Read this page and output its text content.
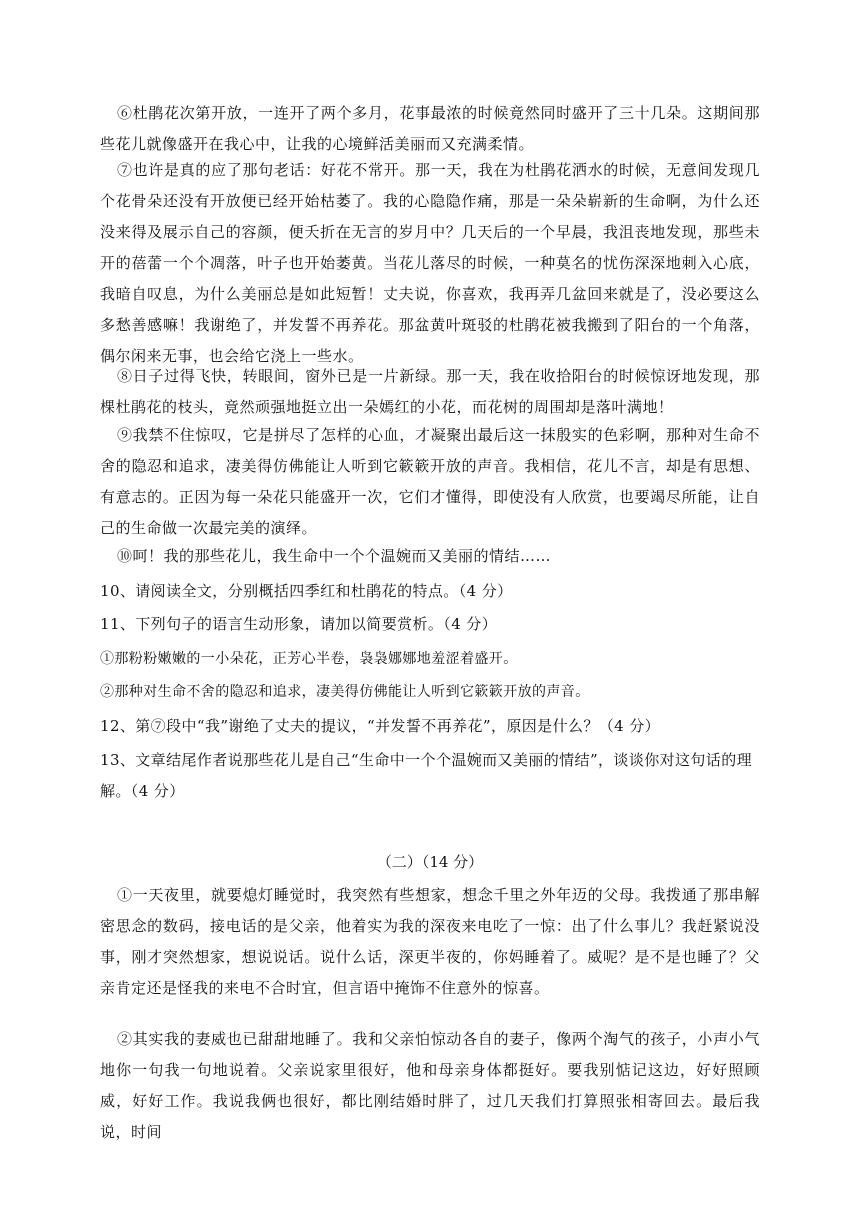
⑥杜鹃花次第开放，一连开了两个多月，花事最浓的时候竟然同时盛开了三十几朵。这期间那些花儿就像盛开在我心中，让我的心境鲜活美丽而又充满柔情。

⑦也许是真的应了那句老话：好花不常开。那一天，我在为杜鹃花洒水的时候，无意间发现几个花骨朵还没有开放便已经开始枯萎了。我的心隐隐作痛，那是一朵朵崭新的生命啊，为什么还没来得及展示自己的容颜，便夭折在无言的岁月中？几天后的一个早晨，我沮丧地发现，那些未开的蓓蕾一个个凋落，叶子也开始萎黄。当花儿落尽的时候，一种莫名的忧伤深深地刺入心底，我暗自叹息，为什么美丽总是如此短暂！丈夫说，你喜欢，我再弄几盆回来就是了，没必要这么多愁善感嘛！我谢绝了，并发誓不再养花。那盆黄叶斑驳的杜鹃花被我搬到了阳台的一个角落，偶尔闲来无事，也会给它浇上一些水。

⑧日子过得飞快，转眼间，窗外已是一片新绿。那一天，我在收拾阳台的时候惊讶地发现，那棵杜鹃花的枝头，竟然顽强地挺立出一朵嫣红的小花，而花树的周围却是落叶满地！

⑨我禁不住惊叹，它是拼尽了怎样的心血，才凝聚出最后这一抹殷实的色彩啊，那种对生命不舍的隐忍和追求，凄美得仿佛能让人听到它簌簌开放的声音。我相信，花儿不言，却是有思想、有意志的。正因为每一朵花只能盛开一次，它们才懂得，即使没有人欣赏，也要竭尽所能，让自己的生命做一次最完美的演绎。

⑩呵！我的那些花儿，我生命中一个个温婉而又美丽的情结……

10、请阅读全文，分别概括四季红和杜鹃花的特点。（4 分）

11、下列句子的语言生动形象，请加以简要赏析。（4 分）

①那粉粉嫩嫩的一小朵花，正芳心半卷，袅袅娜娜地羞涩着盛开。

②那种对生命不舍的隐忍和追求，凄美得仿佛能让人听到它簌簌开放的声音。

12、第⑦段中“我”谢绝了丈夫的提议，“并发誓不再养花”，原因是什么？（4 分）

13、文章结尾作者说那些花儿是自己“生命中一个个温婉而又美丽的情结”，谈谈你对这句话的理解。（4 分）

（二）（14 分）

①一天夜里，就要熄灯睡觉时，我突然有些想家，想念千里之外年迈的父母。我拨通了那串解密思念的数码，接电话的是父亲，他着实为我的深夜来电吃了一惊：出了什么事儿？我赶紧说没事，刚才突然想家，想说说话。说什么话，深更半夜的，你妈睡着了。威呢？是不是也睡了？父亲肯定还是怪我的来电不合时宜，但言语中掩饰不住意外的惊喜。

②其实我的妻威也已甜甜地睡了。我和父亲怕惊动各自的妻子，像两个淘气的孩子，小声小气地你一句我一句地说着。父亲说家里很好，他和母亲身体都挺好。要我别惦记这边，好好照顾威，好好工作。我说我俩也很好，都比刚结婚时胖了，过几天我们打算照张相寄回去。最后我说，时间
